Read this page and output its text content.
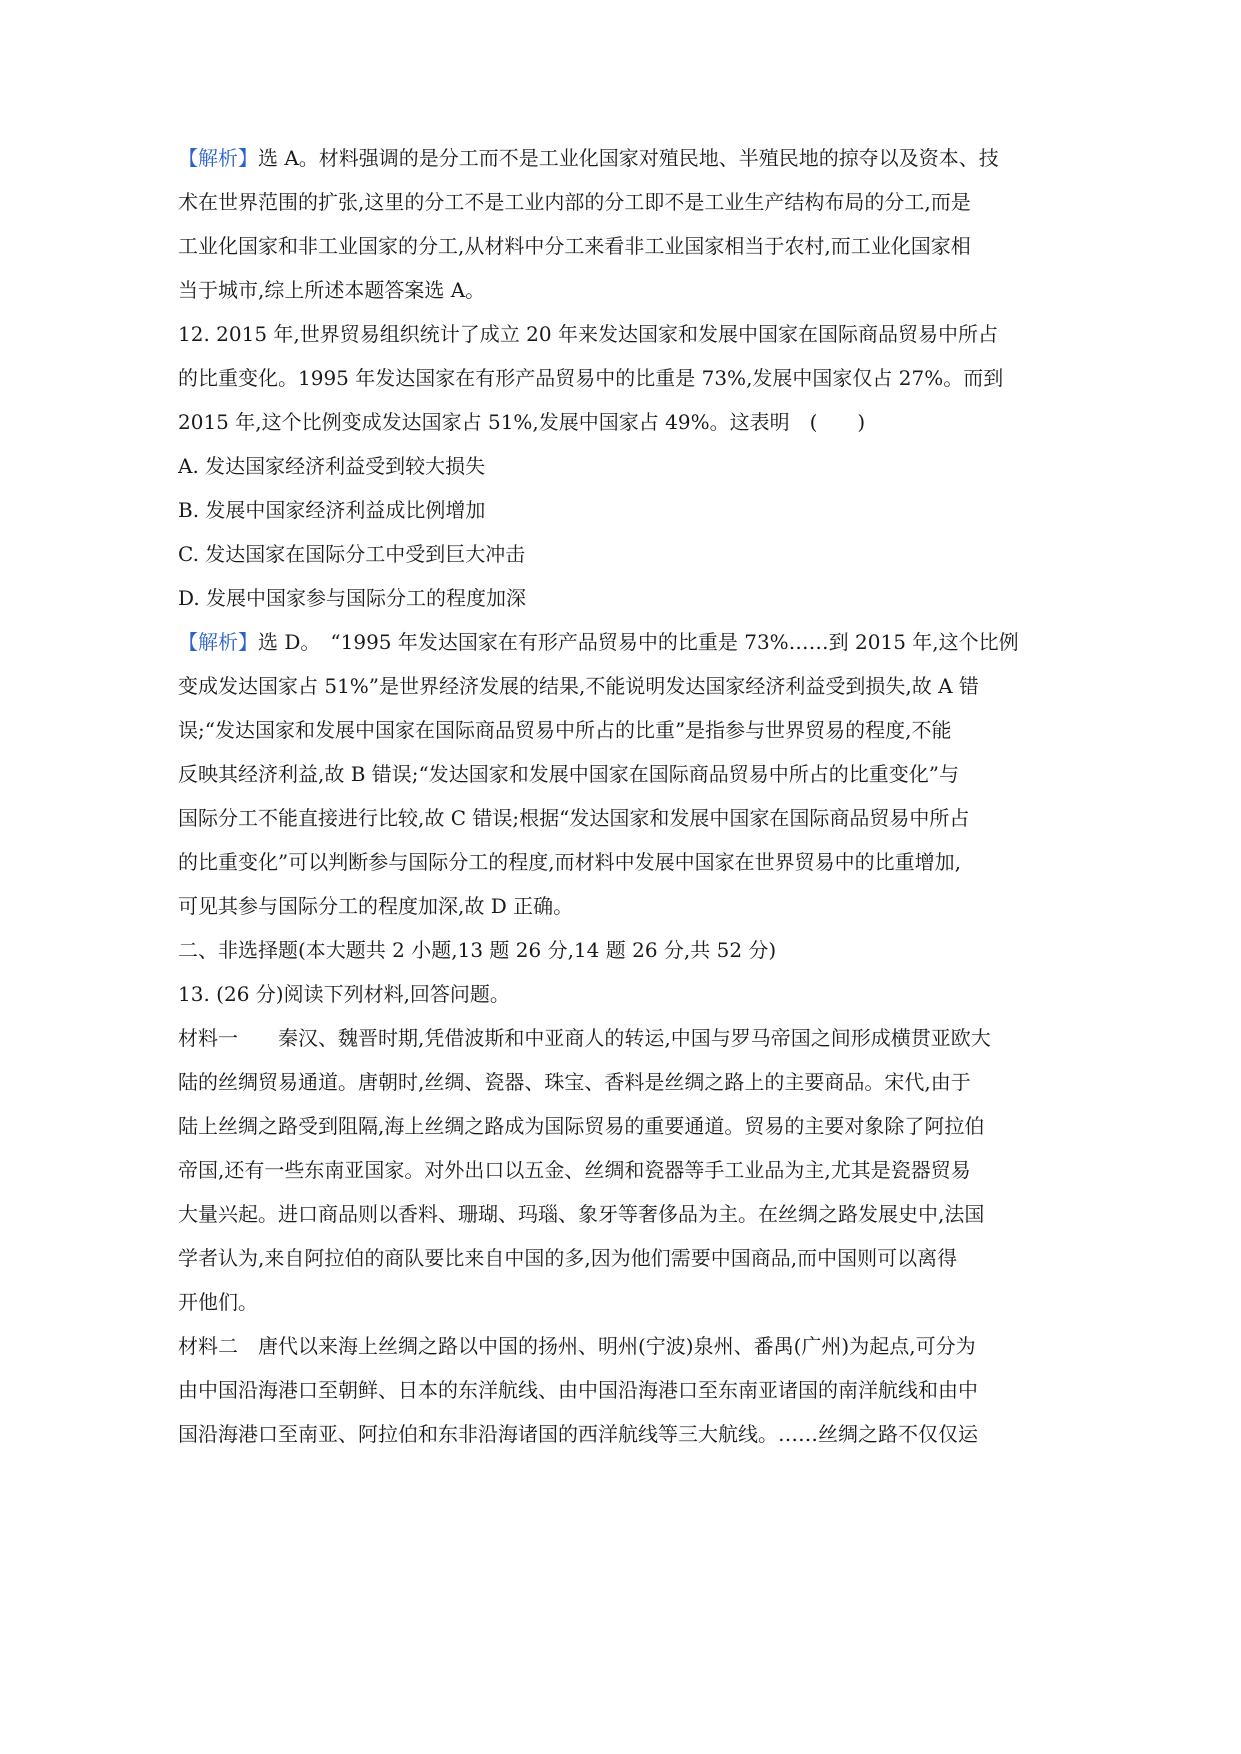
【解析】选 A。材料强调的是分工而不是工业化国家对殖民地、半殖民地的掠夺以及资本、技
术在世界范围的扩张,这里的分工不是工业内部的分工即不是工业生产结构布局的分工,而是
工业化国家和非工业国家的分工,从材料中分工来看非工业国家相当于农村,而工业化国家相
当于城市,综上所述本题答案选 A。
12. 2015 年,世界贸易组织统计了成立 20 年来发达国家和发展中国家在国际商品贸易中所占
的比重变化。1995 年发达国家在有形产品贸易中的比重是 73%,发展中国家仅占 27%。而到
2015 年,这个比例变成发达国家占 51%,发展中国家占 49%。这表明　(　　)
A. 发达国家经济利益受到较大损失
B. 发展中国家经济利益成比例增加
C. 发达国家在国际分工中受到巨大冲击
D. 发展中国家参与国际分工的程度加深
【解析】选 D。　“1995 年发达国家在有形产品贸易中的比重是 73%……到 2015 年,这个比例
变成发达国家占 51%”是世界经济发展的结果,不能说明发达国家经济利益受到损失,故 A 错
误;“发达国家和发展中国家在国际商品贸易中所占的比重”是指参与世界贸易的程度,不能
反映其经济利益,故 B 错误;“发达国家和发展中国家在国际商品贸易中所占的比重变化”与
国际分工不能直接进行比较,故 C 错误;根据“发达国家和发展中国家在国际商品贸易中所占
的比重变化”可以判断参与国际分工的程度,而材料中发展中国家在世界贸易中的比重增加,
可见其参与国际分工的程度加深,故 D 正确。
二、非选择题(本大题共 2 小题,13 题 26 分,14 题 26 分,共 52 分)
13. (26 分)阅读下列材料,回答问题。
材料一　　秦汉、魏晋时期,凭借波斯和中亚商人的转运,中国与罗马帝国之间形成横贯亚欧大
陆的丝绸贸易通道。唐朝时,丝绸、瓷器、珠宝、香料是丝绸之路上的主要商品。宋代,由于
陆上丝绸之路受到阻隔,海上丝绸之路成为国际贸易的重要通道。贸易的主要对象除了阿拉伯
帝国,还有一些东南亚国家。对外出口以五金、丝绸和瓷器等手工业品为主,尤其是瓷器贸易
大量兴起。进口商品则以香料、珊瑚、玛瑙、象牙等奢侈品为主。在丝绸之路发展史中,法国
学者认为,来自阿拉伯的商队要比来自中国的多,因为他们需要中国商品,而中国则可以离得
开他们。
材料二　唐代以来海上丝绸之路以中国的扬州、明州(宁波)泉州、番禺(广州)为起点,可分为
由中国沿海港口至朝鲜、日本的东洋航线、由中国沿海港口至东南亚诸国的南洋航线和由中
国沿海港口至南亚、阿拉伯和东非沿海诸国的西洋航线等三大航线。……丝绸之路不仅仅运
